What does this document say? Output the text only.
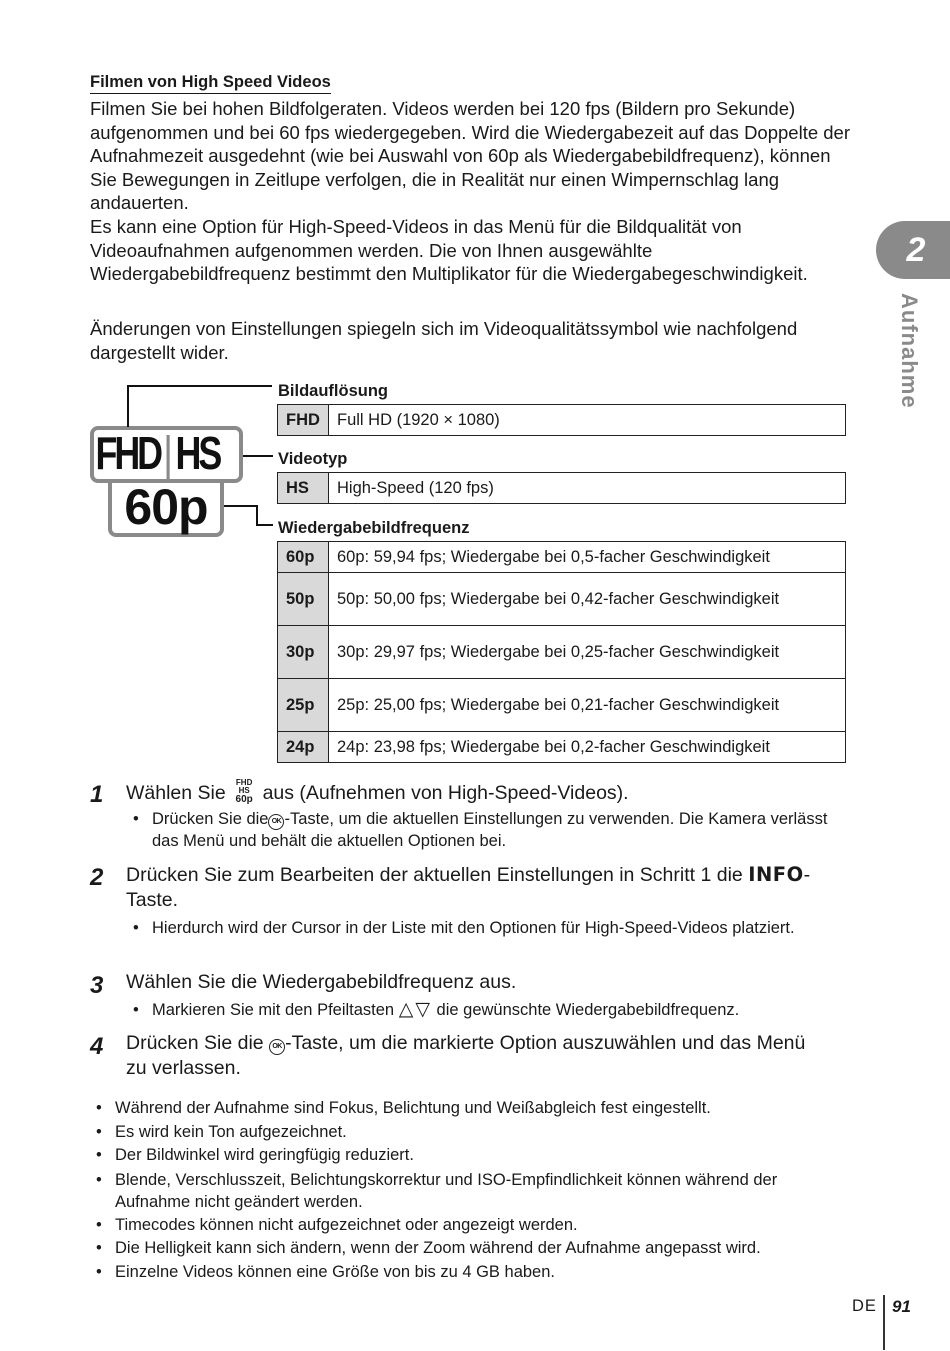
Filmen von High Speed Videos

Filmen Sie bei hohen Bildfolgeraten. Videos werden bei 120 fps (Bildern pro Sekunde) aufgenommen und bei 60 fps wiedergegeben. Wird die Wiedergabezeit auf das Doppelte der Aufnahmezeit ausgedehnt (wie bei Auswahl von 60p als Wiedergabebildfrequenz), können Sie Bewegungen in Zeitlupe verfolgen, die in Realität nur einen Wimpernschlag lang andauerten.

Es kann eine Option für High-Speed-Videos in das Menü für die Bildqualität von Videoaufnahmen aufgenommen werden. Die von Ihnen ausgewählte Wiedergabebildfrequenz bestimmt den Multiplikator für die Wiedergabegeschwindigkeit.

Änderungen von Einstellungen spiegeln sich im Videoqualitätssymbol wie nachfolgend dargestellt wider.

2
Aufnahme
FHD HS
60p
Bildauflösung
FHD	Full HD (1920 × 1080)
Videotyp
HS	High-Speed (120 fps)
Wiedergabebildfrequenz
60p	60p: 59,94 fps; Wiedergabe bei 0,5-facher Geschwindigkeit
50p	50p: 50,00 fps; Wiedergabe bei 0,42-facher Geschwindigkeit
30p	30p: 29,97 fps; Wiedergabe bei 0,25-facher Geschwindigkeit
25p	25p: 25,00 fps; Wiedergabe bei 0,21-facher Geschwindigkeit
24p	24p: 23,98 fps; Wiedergabe bei 0,2-facher Geschwindigkeit
1 Wählen Sie FHD HS
60p aus (Aufnehmen von High-Speed-Videos).

• Drücken Sie die OK -Taste, um die aktuellen Einstellungen zu verwenden. Die Kamera verlässt das Menü und behält die aktuellen Optionen bei.
2 Drücken Sie zum Bearbeiten der aktuellen Einstellungen in Schritt 1 die INFO-Taste.

• Hierdurch wird der Cursor in der Liste mit den Optionen für High-Speed-Videos platziert.
3 Wählen Sie die Wiedergabebildfrequenz aus.

• Markieren Sie mit den Pfeiltasten △▽ die gewünschte Wiedergabebildfrequenz.
4 Drücken Sie die OK -Taste, um die markierte Option auszuwählen und das Menü zu verlassen.

• Während der Aufnahme sind Fokus, Belichtung und Weißabgleich fest eingestellt.
• Es wird kein Ton aufgezeichnet.
• Der Bildwinkel wird geringfügig reduziert.
• Blende, Verschlusszeit, Belichtungskorrektur und ISO-Empfindlichkeit können während der Aufnahme nicht geändert werden.
• Timecodes können nicht aufgezeichnet oder angezeigt werden.
• Die Helligkeit kann sich ändern, wenn der Zoom während der Aufnahme angepasst wird.
• Einzelne Videos können eine Größe von bis zu 4 GB haben.
DE 91
